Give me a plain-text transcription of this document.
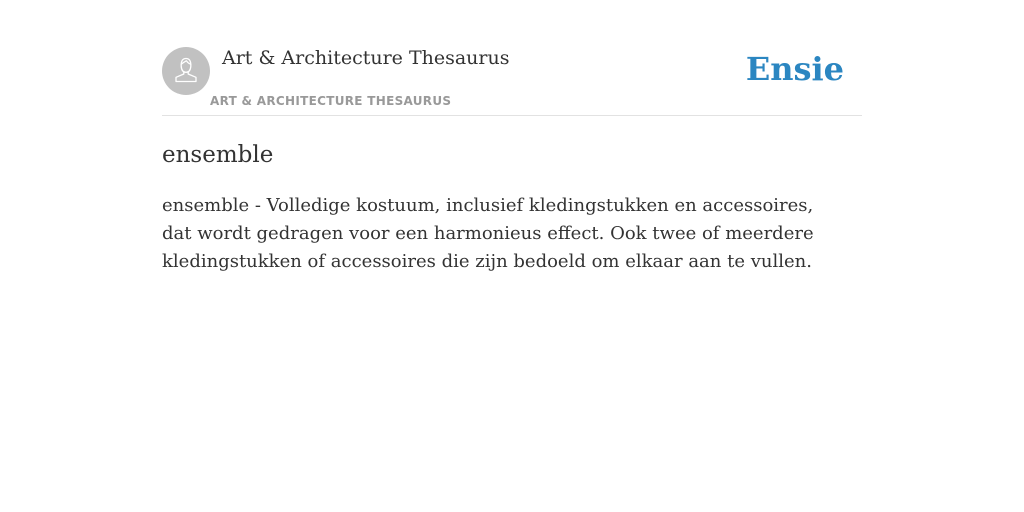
Art & Architecture Thesaurus
ART & ARCHITECTURE THESAURUS
Ensie
ensemble

ensemble - Volledige kostuum, inclusief kledingstukken en accessoires, dat wordt gedragen voor een harmonieus effect. Ook twee of meerdere kledingstukken of accessoires die zijn bedoeld om elkaar aan te vullen.
